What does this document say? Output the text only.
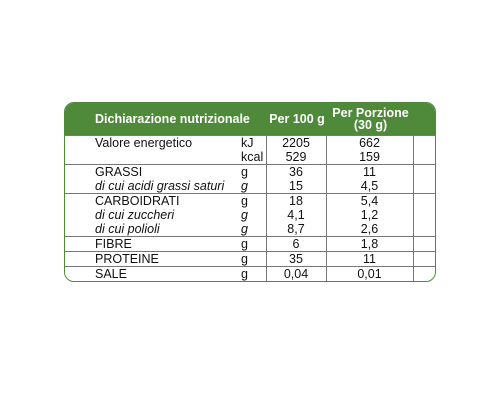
Dichiarazione nutrizionale	Per 100 g Per Porzione
(30 g)
Valore energetico	kJ	2205	662	
	kcal	529	159	
GRASSI	g	36	11	
di cui acidi grassi saturi	g	15	4,5	
CARBOIDRATI	g	18	5,4	
di cui zuccheri	g	4,1	1,2	
di cui polioli	g	8,7	2,6	
FIBRE	g	6	1,8	
PROTEINE	g	35	11	
SALE	g	0,04	0,01	
